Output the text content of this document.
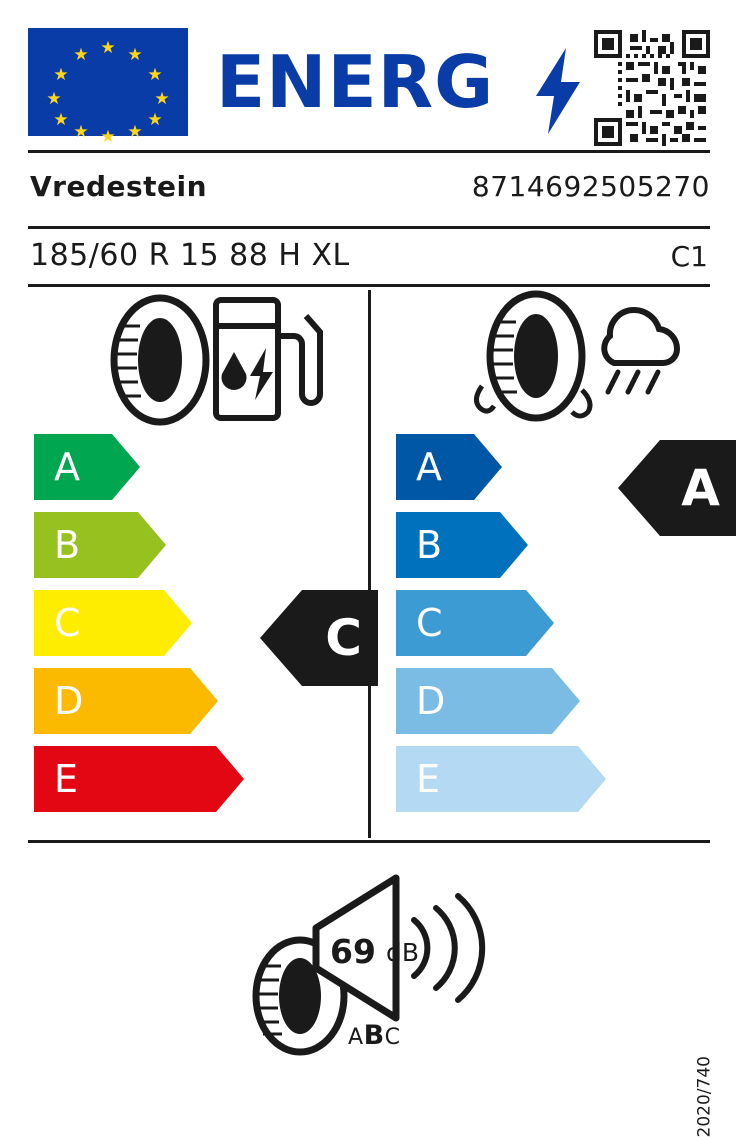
★
★ ★
★	★
★	★
★	★
★ ★
★
ENERG
Vredestein	8714692505270
185/60 R 15 88 H XL	C1
A
B
C
D
E
C
A
B
C
D
E
A
69 dB
ABC
2020/740
